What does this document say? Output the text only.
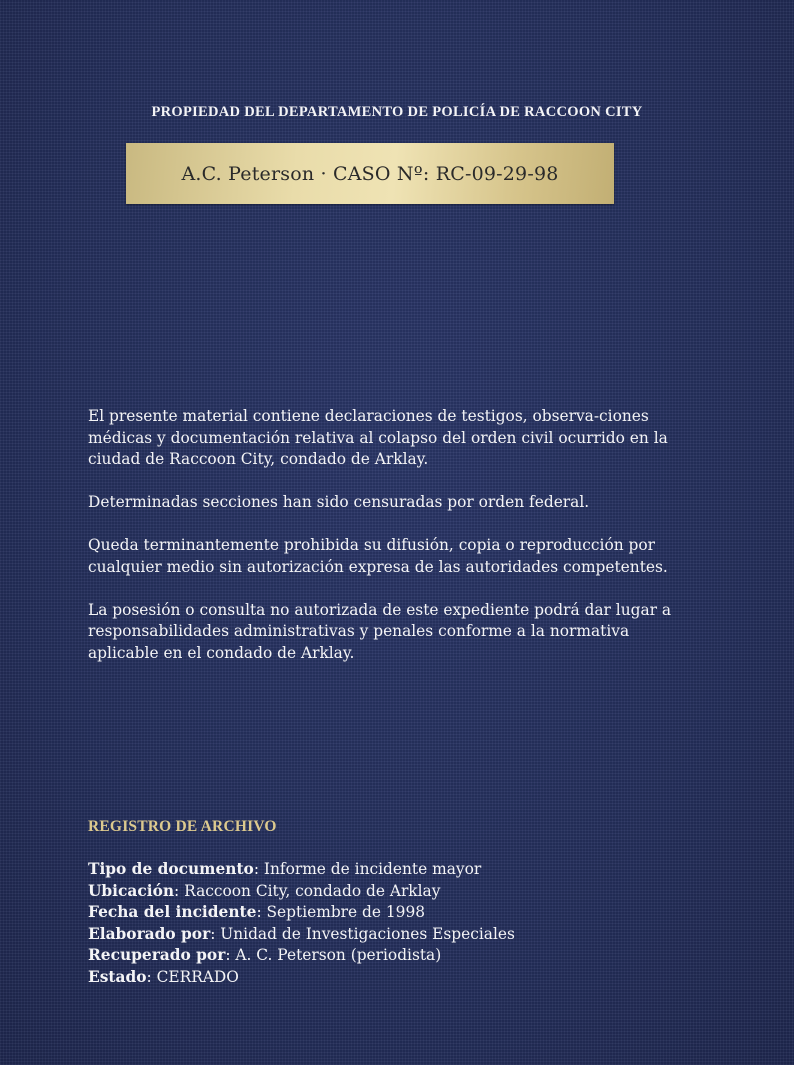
PROPIEDAD DEL DEPARTAMENTO DE POLICÍA DE RACCOON CITY
A.C. Peterson · CASO Nº: RC-09-29-98

El presente material contiene declaraciones de testigos, observa-ciones médicas y documentación relativa al colapso del orden civil ocurrido en la ciudad de Raccoon City, condado de Arklay.

Determinadas secciones han sido censuradas por orden federal.

Queda terminantemente prohibida su difusión, copia o reproducción por cualquier medio sin autorización expresa de las autoridades competentes.

La posesión o consulta no autorizada de este expediente podrá dar lugar a responsabilidades administrativas y penales conforme a la normativa aplicable en el condado de Arklay.

REGISTRO DE ARCHIVO
Tipo de documento: Informe de incidente mayor
Ubicación: Raccoon City, condado de Arklay
Fecha del incidente: Septiembre de 1998
Elaborado por: Unidad de Investigaciones Especiales
Recuperado por: A. C. Peterson (periodista)
Estado: CERRADO
